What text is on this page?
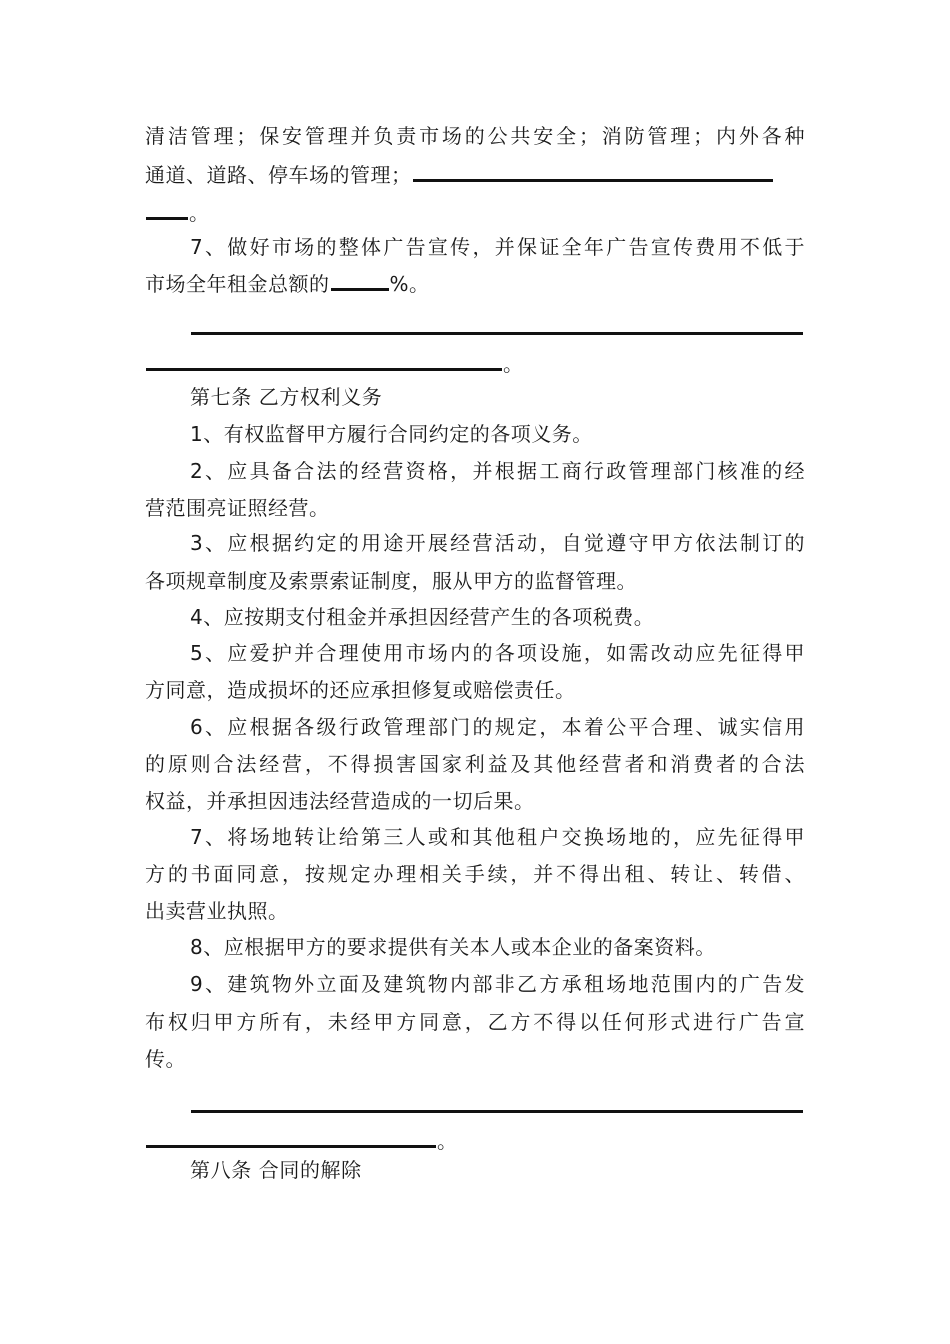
清洁管理；保安管理并负责市场的公共安全；消防管理；内外各种
通道、道路、停车场的管理；
。
7、做好市场的整体广告宣传，并保证全年广告宣传费用不低于
市场全年租金总额的	%。
。
第七条 乙方权利义务
1、有权监督甲方履行合同约定的各项义务。
2、应具备合法的经营资格，并根据工商行政管理部门核准的经
营范围亮证照经营。
3、应根据约定的用途开展经营活动，自觉遵守甲方依法制订的
各项规章制度及索票索证制度，服从甲方的监督管理。
4、应按期支付租金并承担因经营产生的各项税费。
5、应爱护并合理使用市场内的各项设施，如需改动应先征得甲
方同意，造成损坏的还应承担修复或赔偿责任。
6、应根据各级行政管理部门的规定，本着公平合理、诚实信用
的原则合法经营，不得损害国家利益及其他经营者和消费者的合法
权益，并承担因违法经营造成的一切后果。
7、将场地转让给第三人或和其他租户交换场地的，应先征得甲
方的书面同意，按规定办理相关手续，并不得出租、转让、转借、
出卖营业执照。
8、应根据甲方的要求提供有关本人或本企业的备案资料。
9、建筑物外立面及建筑物内部非乙方承租场地范围内的广告发
布权归甲方所有，未经甲方同意，乙方不得以任何形式进行广告宣
传。
。
第八条 合同的解除
